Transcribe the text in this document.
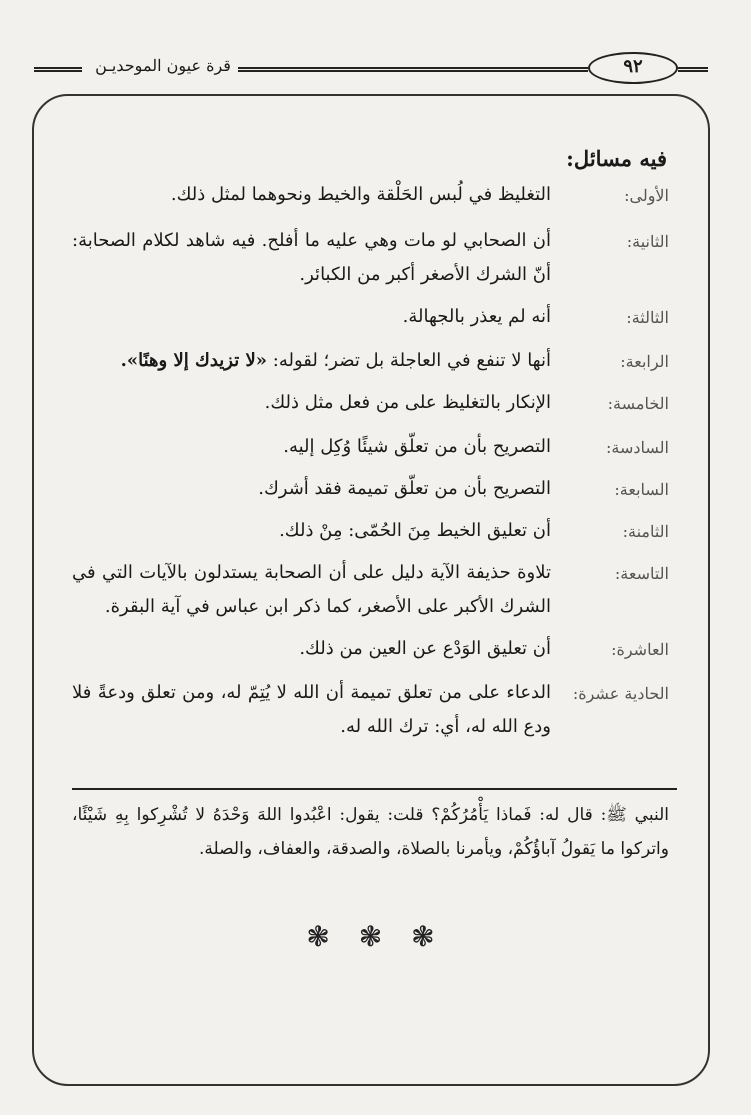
قرة عيون الموحديـن	٩٢
فيه مسائل:
الأولى:
التغليظ في لُبس الحَلْقة والخيط ونحوهما لمثل ذلك.
الثانية:
أن الصحابي لو مات وهي عليه ما أفلح. فيه شاهد لكلام الصحابة: أنّ الشرك الأصغر أكبر من الكبائر.
الثالثة:
أنه لم يعذر بالجهالة.
الرابعة:
أنها لا تنفع في العاجلة بل تضر؛ لقوله: «لا تزيدك إلا وهنًا».
الخامسة:
الإنكار بالتغليظ على من فعل مثل ذلك.
السادسة:
التصريح بأن من تعلّق شيئًا وُكِل إليه.
السابعة:
التصريح بأن من تعلّق تميمة فقد أشرك.
الثامنة:
أن تعليق الخيط مِنَ الحُمّى: مِنْ ذلك.
التاسعة:
تلاوة حذيفة الآية دليل على أن الصحابة يستدلون بالآيات التي في الشرك الأكبر على الأصغر، كما ذكر ابن عباس في آية البقرة.
العاشرة:
أن تعليق الوَدْع عن العين من ذلك.
الحادية عشرة:
الدعاء على من تعلق تميمة أن الله لا يُتِمّ له، ومن تعلق ودعةً فلا ودع الله له، أي: ترك الله له.
النبي ﷺ: قال له: فَماذا يَأْمُرُكُمْ؟ قلت: يقول: اعْبُدوا اللهَ وَحْدَهُ لا تُشْرِكوا بِهِ شَيْئًا، واتركوا ما يَقولُ آباؤُكُمْ، ويأمرنا بالصلاة، والصدقة، والعفاف، والصلة.
❃ ❃ ❃
